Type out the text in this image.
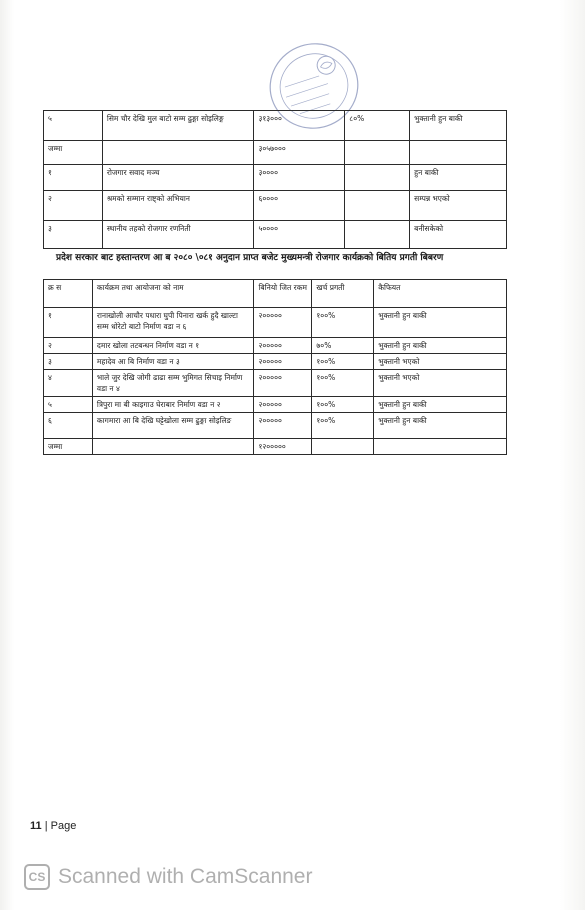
५	सिम चौर देखि मुल बाटो सम्म ढुङ्गा सोइलिङ्ग	३१३०००	८०%	भुक्तानी हुन बाकी
जम्मा		३०५७०००		
१	रोजगार सवाद मञ्च	३००००		हुन बाकी
२	श्रमको सम्मान राष्ट्को अभियान	६००००		सम्पन्न भएको
३	स्थानीय तहको रोजगार रणनिती	५००००		बनीसकेको
प्रदेश सरकार बाट हस्तान्तरण आ ब २०८० \०८१ अनुदान प्राप्त बजेट मुख्यमन्त्री रोजगार कार्यक्रको बितिय प्रगती बिबरण
क्र स	कार्यक्रम तथा आयोजना को नाम	बिनियो जित रकम	खर्च प्रगती	कैफियत
१	रानाखोली आचौर पधारा घुपी पिनारा खर्क हुदै खाल्टा सम्म धोरेटो बाटो निर्माण वडा न ६	२०००००	१००%	भुक्तानी हुन बाकी
२	दमार खोला तटबन्धन निर्माण वडा न १	२०००००	७०%	भुक्तानी हुन बाकी
३	महादेव आ बि निर्माण वडा न ३	२०००००	१००%	भुक्तानी भएको
४	भाले जुर देखि जोगी ढाढा सम्म भुमिगत सिचाइ निर्माण वडा न ४	२०००००	१००%	भुक्तानी भएको
५	त्रिपुरा मा बी काइगाउ घेराबार निर्माण वडा न २	२०००००	१००%	भुक्तानी हुन बाकी
६	कागमारा आ बि देखि घट्टेखोला सम्म ढुङ्गा सोइलिङ	२०००००	१००%	भुक्तानी हुन बाकी
जम्मा		१२०००००		
11 | Page
CS Scanned with CamScanner
